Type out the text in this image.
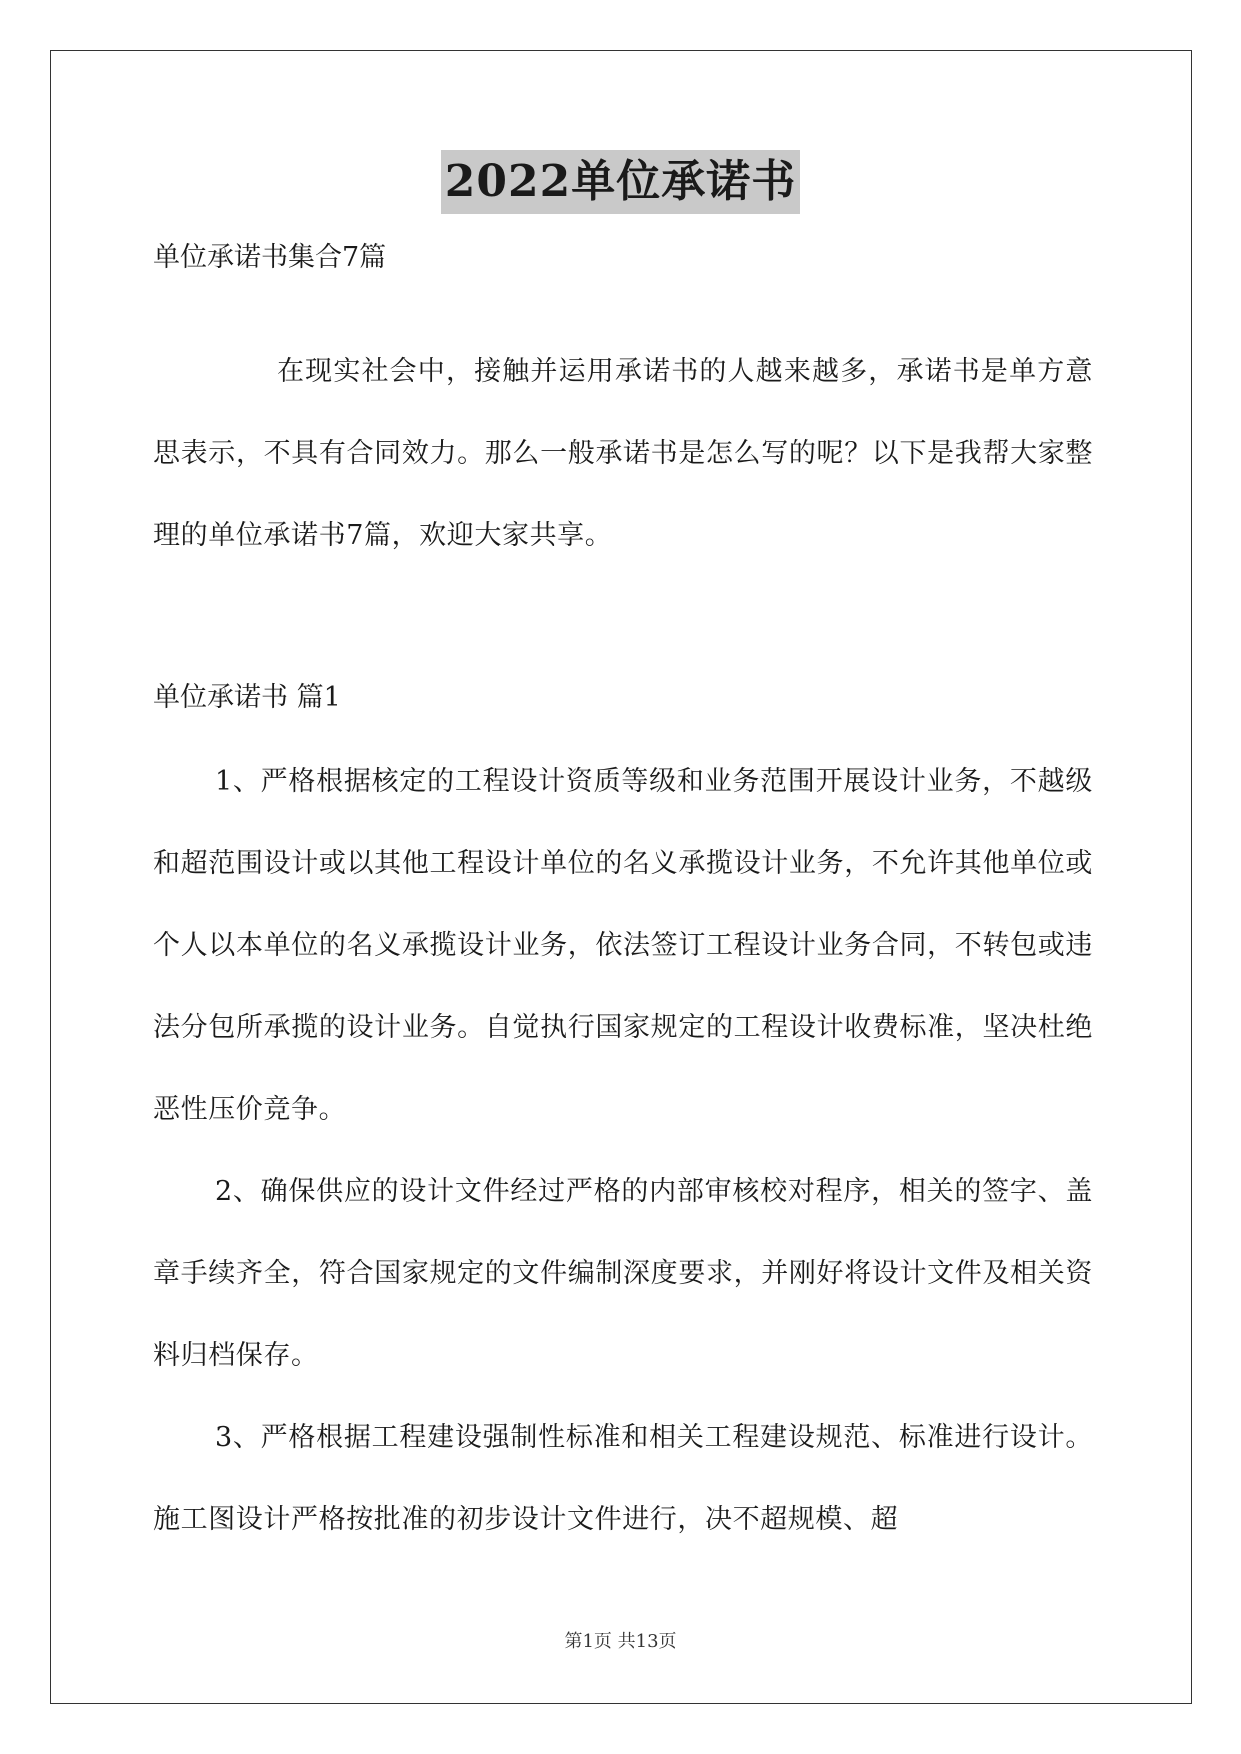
2022单位承诺书
单位承诺书集合7篇

在现实社会中，接触并运用承诺书的人越来越多，承诺书是单方意思表示，不具有合同效力。那么一般承诺书是怎么写的呢？以下是我帮大家整理的单位承诺书7篇，欢迎大家共享。

单位承诺书 篇1

1、严格根据核定的工程设计资质等级和业务范围开展设计业务，不越级和超范围设计或以其他工程设计单位的名义承揽设计业务，不允许其他单位或个人以本单位的名义承揽设计业务，依法签订工程设计业务合同，不转包或违法分包所承揽的设计业务。自觉执行国家规定的工程设计收费标准，坚决杜绝恶性压价竞争。

2、确保供应的设计文件经过严格的内部审核校对程序，相关的签字、盖章手续齐全，符合国家规定的文件编制深度要求，并刚好将设计文件及相关资料归档保存。

3、严格根据工程建设强制性标准和相关工程建设规范、标准进行设计。施工图设计严格按批准的初步设计文件进行，决不超规模、超

第1页 共13页
